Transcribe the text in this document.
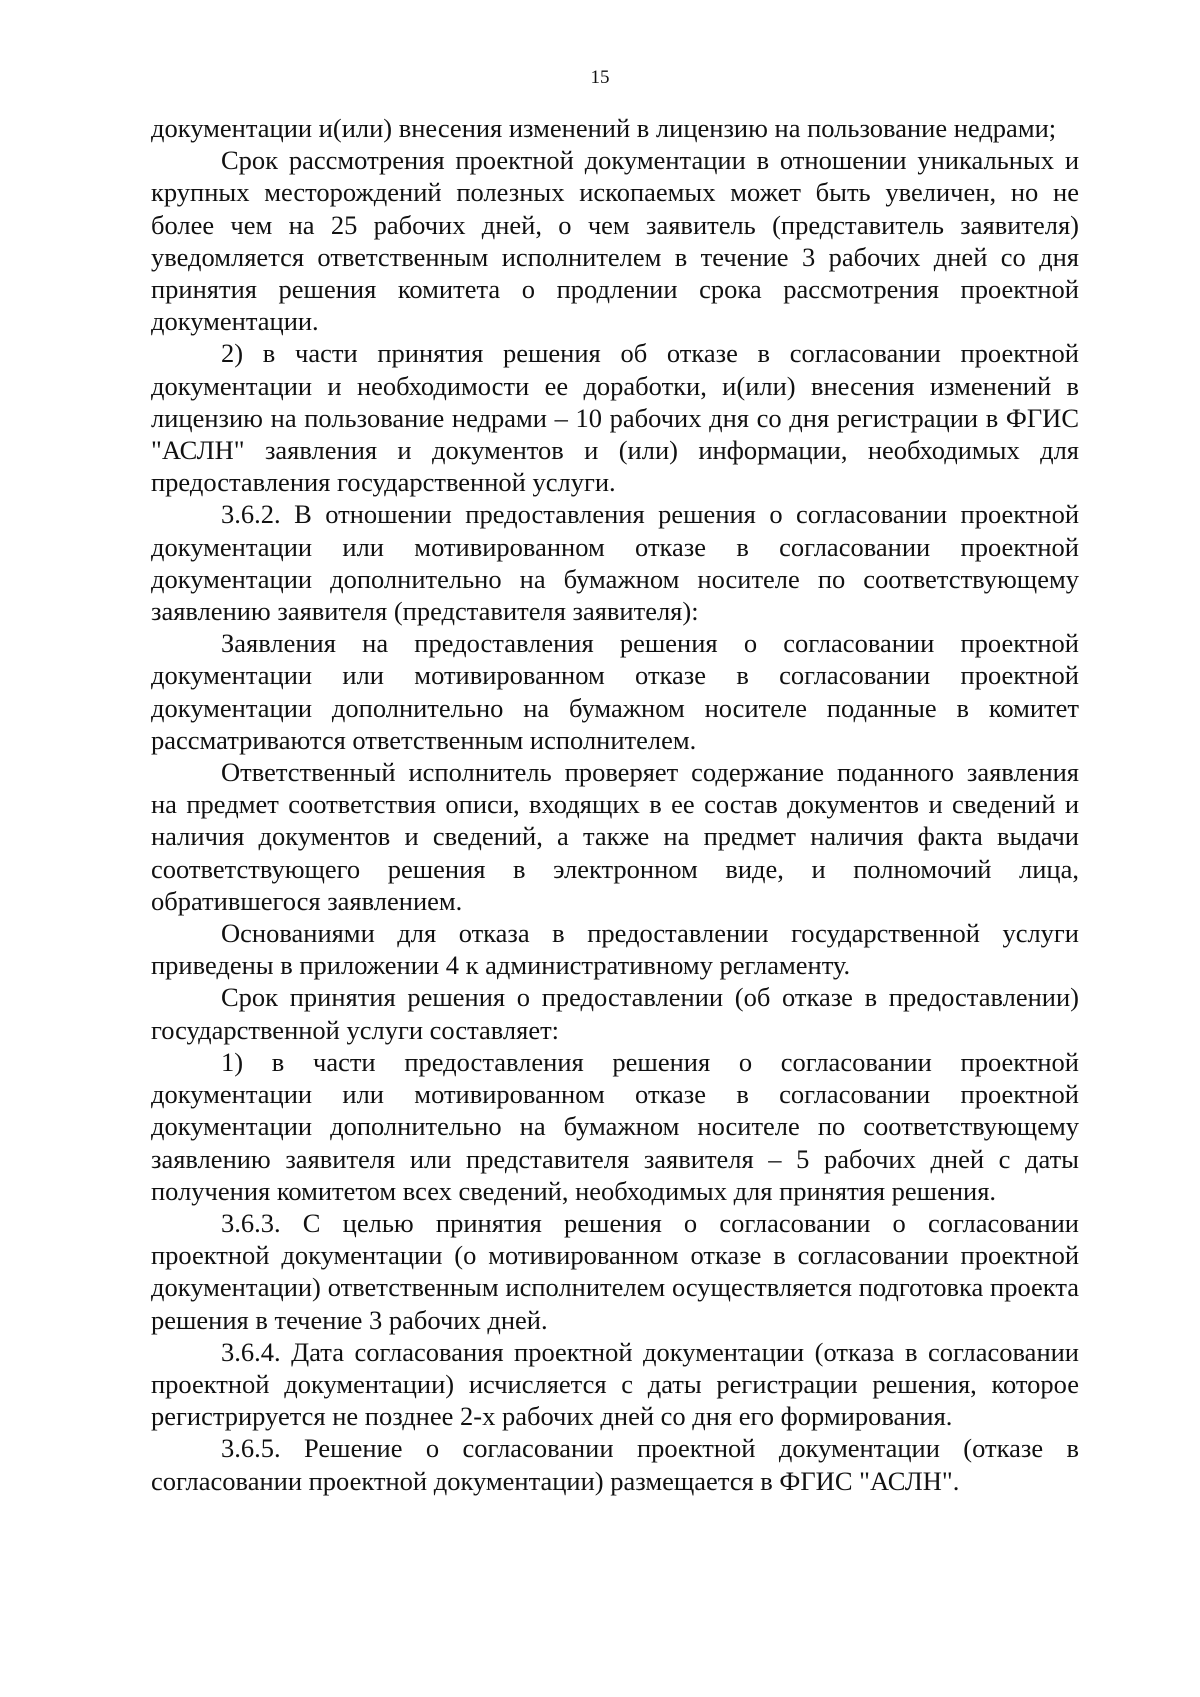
15

документации и(или) внесения изменений в лицензию на пользование недрами;

Срок рассмотрения проектной документации в отношении уникальных и крупных месторождений полезных ископаемых может быть увеличен, но не более чем на 25 рабочих дней, о чем заявитель (представитель заявителя) уведомляется ответственным исполнителем в течение 3 рабочих дней со дня принятия решения комитета о продлении срока рассмотрения проектной документации.

2) в части принятия решения об отказе в согласовании проектной документации и необходимости ее доработки, и(или) внесения изменений в лицензию на пользование недрами – 10 рабочих дня со дня регистрации в ФГИС "АСЛН" заявления и документов и (или) информации, необходимых для предоставления государственной услуги.

3.6.2. В отношении предоставления решения о согласовании проектной документации или мотивированном отказе в согласовании проектной документации дополнительно на бумажном носителе по соответствующему заявлению заявителя (представителя заявителя):

Заявления на предоставления решения о согласовании проектной документации или мотивированном отказе в согласовании проектной документации дополнительно на бумажном носителе поданные в комитет рассматриваются ответственным исполнителем.

Ответственный исполнитель проверяет содержание поданного заявления на предмет соответствия описи, входящих в ее состав документов и сведений и наличия документов и сведений, а также на предмет наличия факта выдачи соответствующего решения в электронном виде, и полномочий лица, обратившегося заявлением.

Основаниями для отказа в предоставлении государственной услуги приведены в приложении 4 к административному регламенту.

Срок принятия решения о предоставлении (об отказе в предоставлении) государственной услуги составляет:

1) в части предоставления решения о согласовании проектной документации или мотивированном отказе в согласовании проектной документации дополнительно на бумажном носителе по соответствующему заявлению заявителя или представителя заявителя – 5 рабочих дней с даты получения комитетом всех сведений, необходимых для принятия решения.

3.6.3. С целью принятия решения о согласовании о согласовании проектной документации (о мотивированном отказе в согласовании проектной документации) ответственным исполнителем осуществляется подготовка проекта решения в течение 3 рабочих дней.

3.6.4. Дата согласования проектной документации (отказа в согласовании проектной документации) исчисляется с даты регистрации решения, которое регистрируется не позднее 2-х рабочих дней со дня его формирования.

3.6.5. Решение о согласовании проектной документации (отказе в согласовании проектной документации) размещается в ФГИС "АСЛН".
